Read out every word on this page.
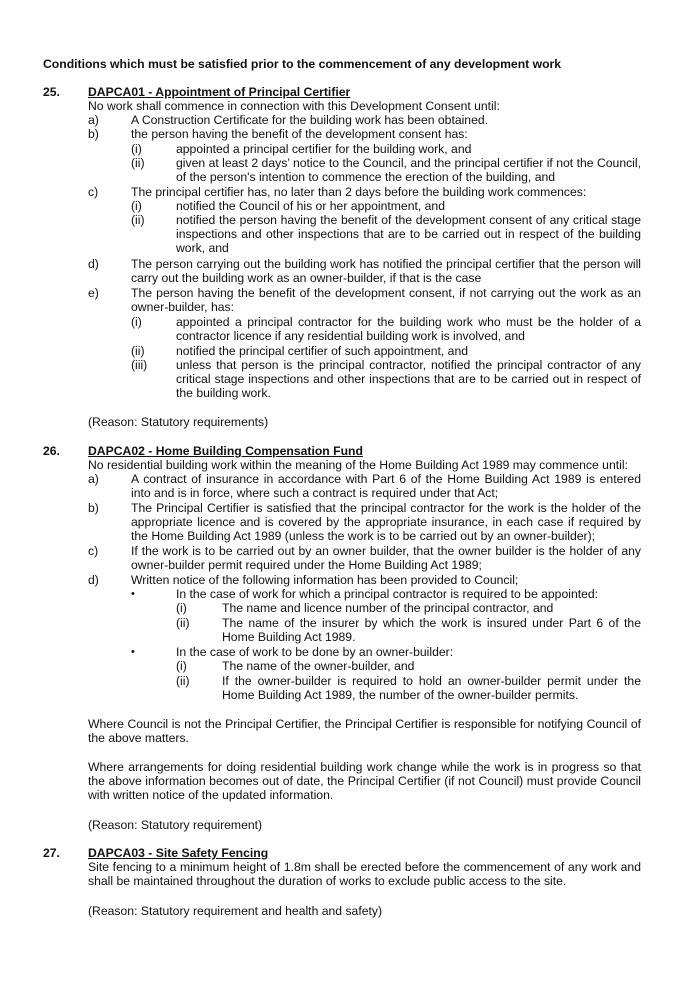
Conditions which must be satisfied prior to the commencement of any development work
25. DAPCA01 - Appointment of Principal Certifier
No work shall commence in connection with this Development Consent until:
a)	A Construction Certificate for the building work has been obtained.
b)	the person having the benefit of the development consent has:
(i)	appointed a principal certifier for the building work, and
(ii)	given at least 2 days’ notice to the Council, and the principal certifier if not the Council, of the person's intention to commence the erection of the building, and
c)	The principal certifier has, no later than 2 days before the building work commences:
(i)	notified the Council of his or her appointment, and
(ii)	notified the person having the benefit of the development consent of any critical stage inspections and other inspections that are to be carried out in respect of the building work, and
d)	The person carrying out the building work has notified the principal certifier that the person will carry out the building work as an owner-builder, if that is the case
e)	The person having the benefit of the development consent, if not carrying out the work as an owner-builder, has:
(i)	appointed a principal contractor for the building work who must be the holder of a contractor licence if any residential building work is involved, and
(ii)	notified the principal certifier of such appointment, and
(iii) unless that person is the principal contractor, notified the principal contractor of any critical stage inspections and other inspections that are to be carried out in respect of the building work.
(Reason: Statutory requirements)
26. DAPCA02 - Home Building Compensation Fund
No residential building work within the meaning of the Home Building Act 1989 may commence until:
a)	A contract of insurance in accordance with Part 6 of the Home Building Act 1989 is entered into and is in force, where such a contract is required under that Act;
b)	The Principal Certifier is satisfied that the principal contractor for the work is the holder of the appropriate licence and is covered by the appropriate insurance, in each case if required by the Home Building Act 1989 (unless the work is to be carried out by an owner-builder);
c)	If the work is to be carried out by an owner builder, that the owner builder is the holder of any owner-builder permit required under the Home Building Act 1989;
d)	Written notice of the following information has been provided to Council;
•	In the case of work for which a principal contractor is required to be appointed:
(i)	The name and licence number of the principal contractor, and
(ii)	The name of the insurer by which the work is insured under Part 6 of the Home Building Act 1989.
•	In the case of work to be done by an owner-builder:
(i)	The name of the owner-builder, and
(ii)	If the owner-builder is required to hold an owner-builder permit under the Home Building Act 1989, the number of the owner-builder permits.
Where Council is not the Principal Certifier, the Principal Certifier is responsible for notifying Council of the above matters.
Where arrangements for doing residential building work change while the work is in progress so that the above information becomes out of date, the Principal Certifier (if not Council) must provide Council with written notice of the updated information.
(Reason: Statutory requirement)
27. DAPCA03 - Site Safety Fencing
Site fencing to a minimum height of 1.8m shall be erected before the commencement of any work and shall be maintained throughout the duration of works to exclude public access to the site.
(Reason: Statutory requirement and health and safety)
